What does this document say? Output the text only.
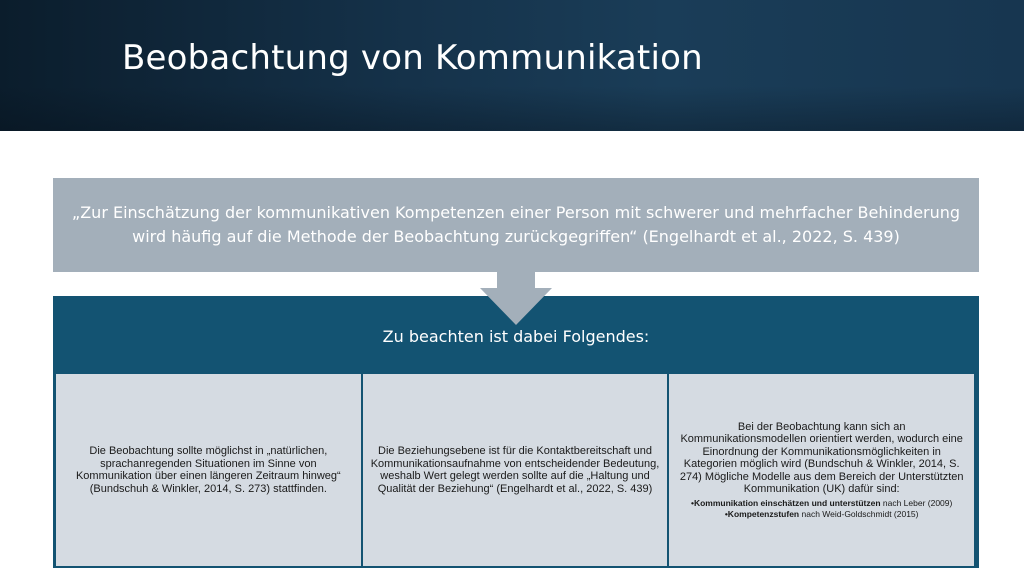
Beobachtung von Kommunikation

„Zur Einschätzung der kommunikativen Kompetenzen einer Person mit schwerer und mehrfacher Behinderung wird häufig auf die Methode der Beobachtung zurückgegriffen“ (Engelhardt et al., 2022, S. 439)

Zu beachten ist dabei Folgendes:

Die Beobachtung sollte möglichst in „natürlichen, sprachanregenden Situationen im Sinne von Kommunikation über einen längeren Zeitraum hinweg“ (Bundschuh & Winkler, 2014, S. 273) stattfinden.

Die Beziehungsebene ist für die Kontaktbereitschaft und Kommunikationsaufnahme von entscheidender Bedeutung, weshalb Wert gelegt werden sollte auf die „Haltung und Qualität der Beziehung“ (Engelhardt et al., 2022, S. 439)

Bei der Beobachtung kann sich an Kommunikationsmodellen orientiert werden, wodurch eine Einordnung der Kommunikationsmöglichkeiten in Kategorien möglich wird (Bundschuh & Winkler, 2014, S. 274) Mögliche Modelle aus dem Bereich der Unterstützten Kommunikation (UK) dafür sind:

•Kommunikation einschätzen und unterstützen nach Leber (2009)

•Kompetenzstufen nach Weid-Goldschmidt (2015)
